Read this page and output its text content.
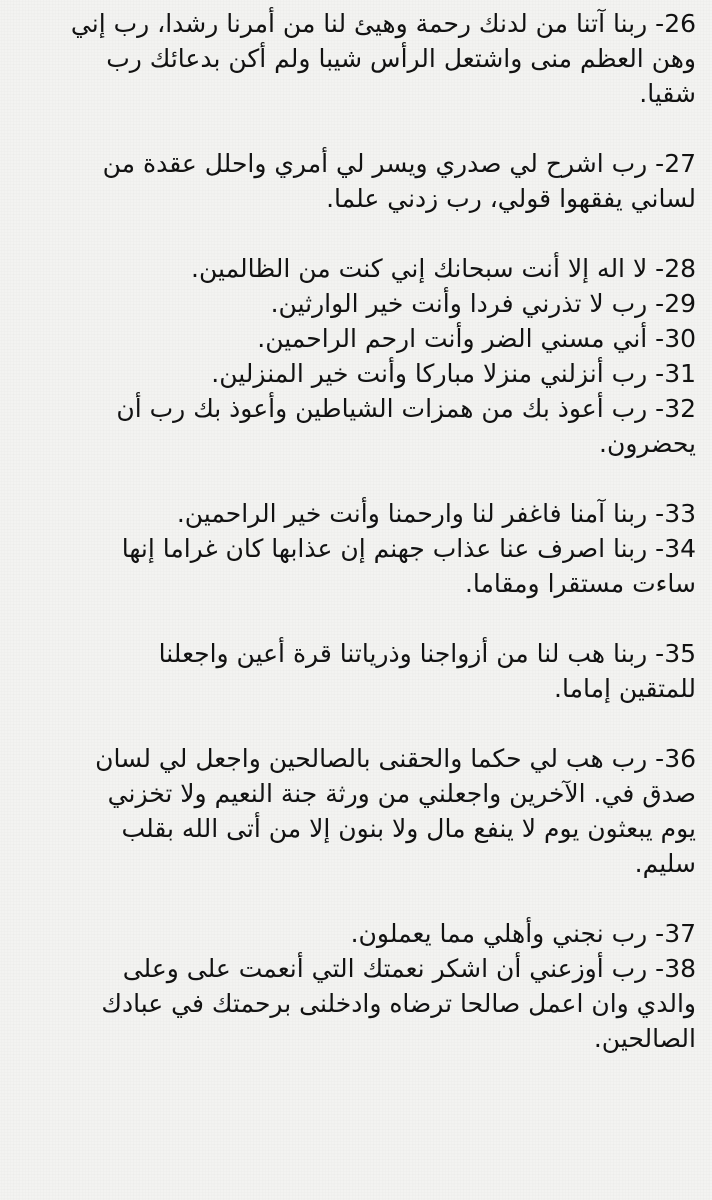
26- ربنا آتنا من لدنك رحمة وهيئ لنا من أمرنا رشدا، رب إني
وهن العظم منى واشتعل الرأس شيبا ولم أكن بدعائك رب
شقيا.
27- رب اشرح لي صدري ويسر لي أمري واحلل عقدة من
لساني يفقهوا قولي، رب زدني علما.
28- لا اله إلا أنت سبحانك إني كنت من الظالمين.
29- رب لا تذرني فردا وأنت خير الوارثين.
30- أني مسني الضر وأنت ارحم الراحمين.
31- رب أنزلني منزلا مباركا وأنت خير المنزلين.
32- رب أعوذ بك من همزات الشياطين وأعوذ بك رب أن
يحضرون.
33- ربنا آمنا فاغفر لنا وارحمنا وأنت خير الراحمين.
34- ربنا اصرف عنا عذاب جهنم إن عذابها كان غراما إنها
ساءت مستقرا ومقاما.
35- ربنا هب لنا من أزواجنا وذرياتنا قرة أعين واجعلنا
للمتقين إماما.
36- رب هب لي حكما والحقنى بالصالحين واجعل لي لسان
صدق في. الآخرين واجعلني من ورثة جنة النعيم ولا تخزني
يوم يبعثون يوم لا ينفع مال ولا بنون إلا من أتى الله بقلب
سليم.
37- رب نجني وأهلي مما يعملون.
38- رب أوزعني أن اشكر نعمتك التي أنعمت على وعلى
والدي وان اعمل صالحا ترضاه وادخلنى برحمتك في عبادك
الصالحين.
